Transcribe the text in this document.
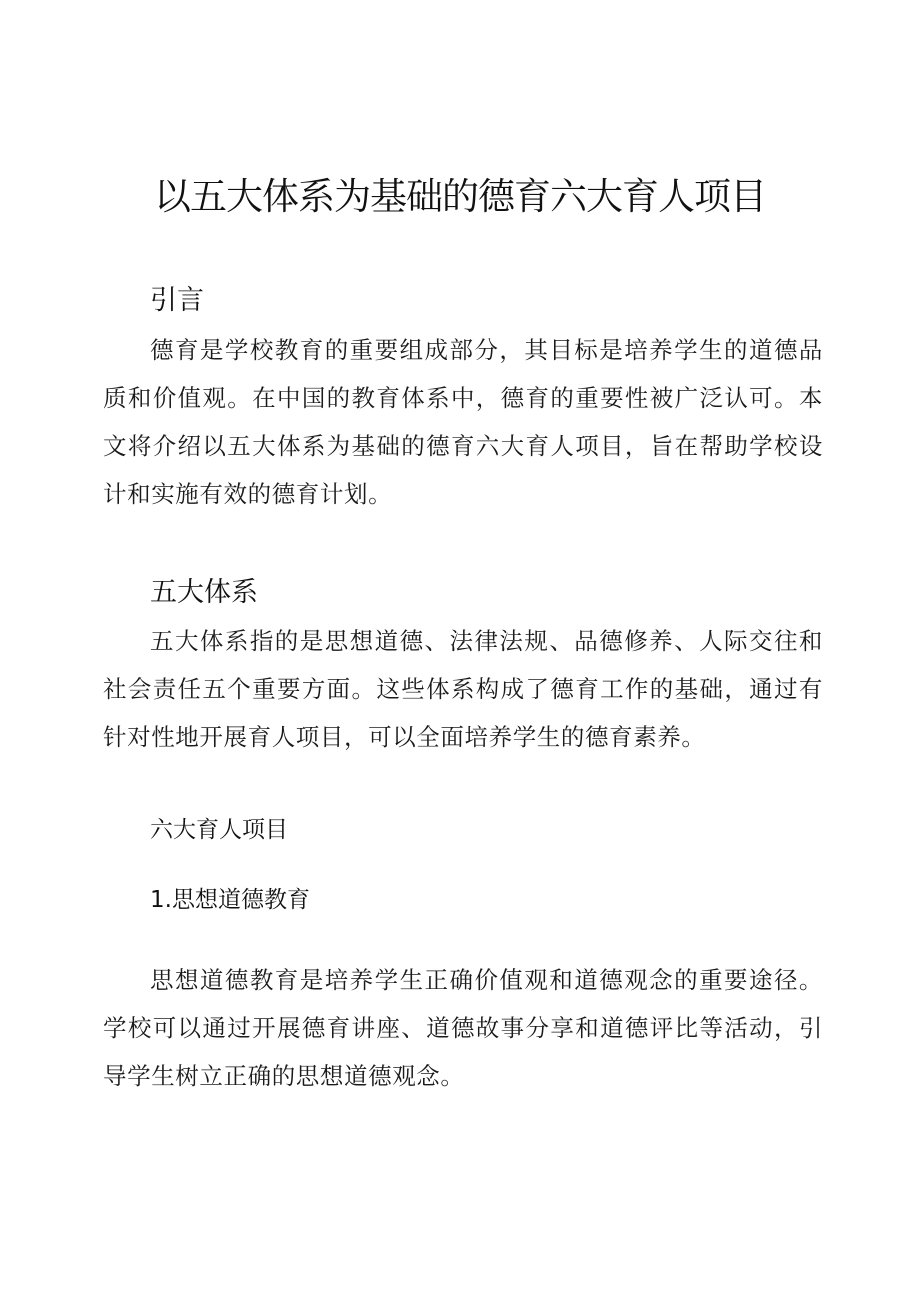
以五大体系为基础的德育六大育人项目
引言
德育是学校教育的重要组成部分，其目标是培养学生的道德品质和价值观。在中国的教育体系中，德育的重要性被广泛认可。本文将介绍以五大体系为基础的德育六大育人项目，旨在帮助学校设计和实施有效的德育计划。
五大体系
五大体系指的是思想道德、法律法规、品德修养、人际交往和社会责任五个重要方面。这些体系构成了德育工作的基础，通过有针对性地开展育人项目，可以全面培养学生的德育素养。
六大育人项目
1.思想道德教育
思想道德教育是培养学生正确价值观和道德观念的重要途径。学校可以通过开展德育讲座、道德故事分享和道德评比等活动，引导学生树立正确的思想道德观念。
